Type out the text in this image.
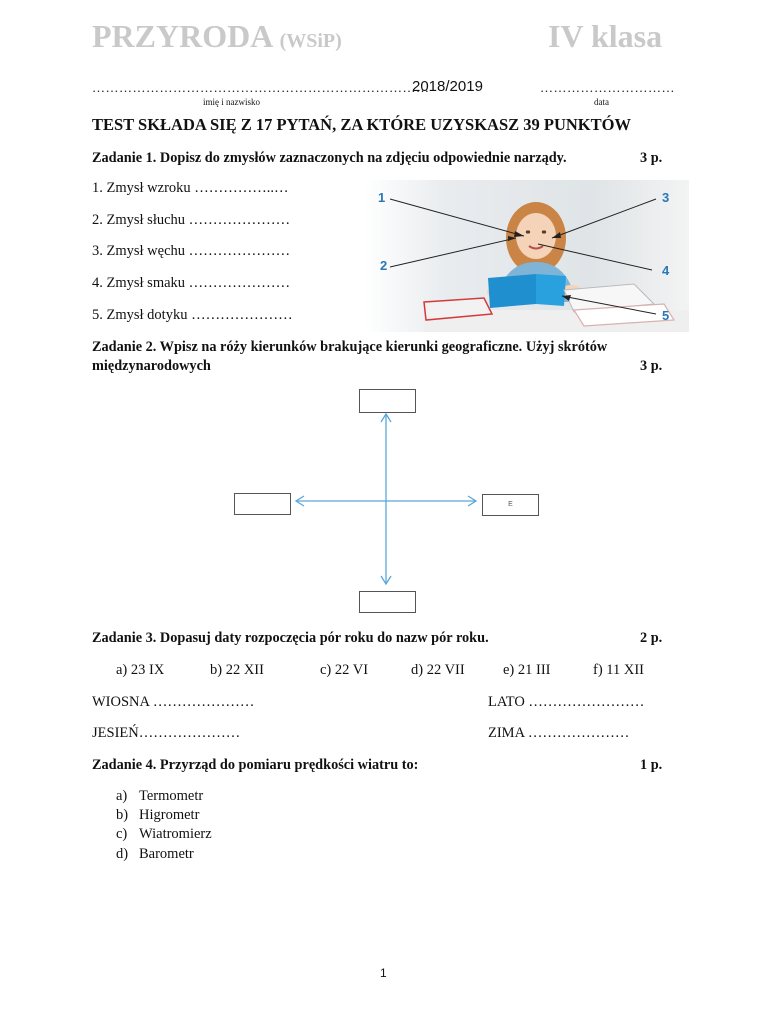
PRZYRODA (WSiP)	IV klasa
…………………………………………………………………
2018/2019	…………………………
imię i nazwisko	data
TEST SKŁADA SIĘ Z 17 PYTAŃ, ZA KTÓRE UZYSKASZ 39 PUNKTÓW
Zadanie 1. Dopisz do zmysłów zaznaczonych na zdjęciu odpowiednie narządy.	3 p.
1. Zmysł wzroku ……………..…
2. Zmysł słuchu …………………
3. Zmysł węchu …………………
4. Zmysł smaku …………………
5. Zmysł dotyku …………………
1
2
3
4
5
Zadanie 2. Wpisz na róży kierunków brakujące kierunki geograficzne. Użyj skrótów
międzynarodowych	3 p.
E
Zadanie 3. Dopasuj daty rozpoczęcia pór roku do nazw pór roku.	2 p.
a) 23 IX	b) 22 XII	c) 22 VI	d) 22 VII	e) 21 III	f) 11 XII
WIOSNA …………………	LATO ……………………
JESIEŃ…………………	ZIMA …………………
Zadanie 4. Przyrząd do pomiaru prędkości wiatru to:	1 p.
a) Termometr
b) Higrometr
c) Wiatromierz
d) Barometr
1
